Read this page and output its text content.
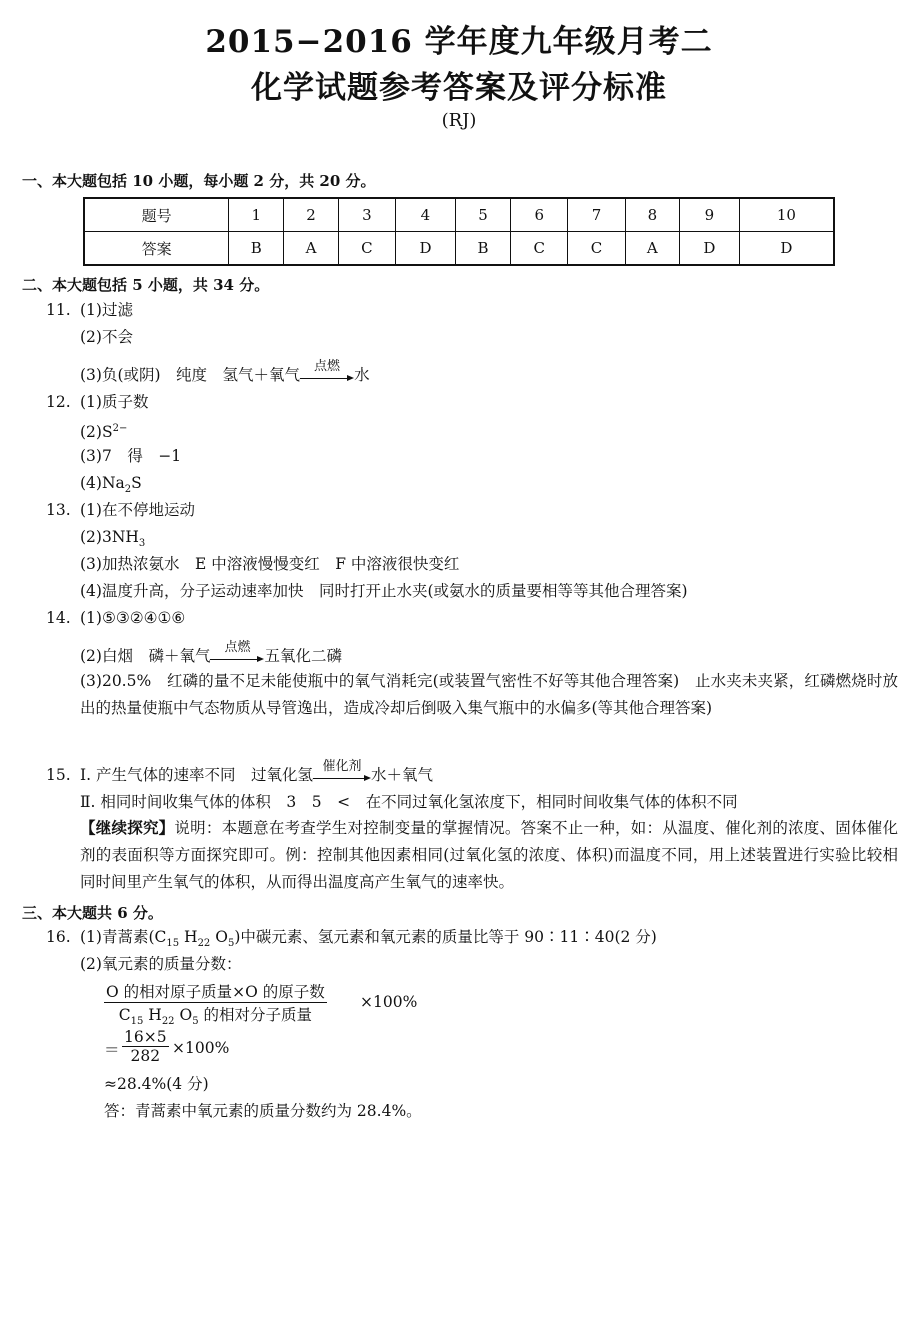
2015−2016 学年度九年级月考二
化学试题参考答案及评分标准
(RJ)
一、本大题包括 10 小题，每小题 2 分，共 20 分。
题号	1	2	3	4	5	6	7	8	9	10
答案	B	A	C	D	B	C	C	A	D	D
二、本大题包括 5 小题，共 34 分。
11. (1)过滤
(2)不会
(3)负(或阴)　纯度　氢气＋氧气	点燃 水
12. (1)质子数
$(2)S^{2-}$
(3)7　得　−1
$(4)Na_2S$
13. (1)在不停地运动
$(2)3NH_3$
(3)加热浓氨水　E 中溶液慢慢变红　F 中溶液很快变红
(4)温度升高，分子运动速率加快　同时打开止水夹(或氨水的质量要相等等其他合理答案)
14. (1)⑤③②④①⑥
(2)白烟　磷＋氧气	点燃 五氧化二磷
(3)20.5%　红磷的量不足未能使瓶中的氧气消耗完(或装置气密性不好等其他合理答案)　止水夹未夹紧，红磷燃烧时放出的热量使瓶中气态物质从导管逸出，造成冷却后倒吸入集气瓶中的水偏多(等其他合理答案)
15. Ⅰ. 产生气体的速率不同　过氧化氢 催化剂 水＋氧气
Ⅱ. 相同时间收集气体的体积　3　5　<　在不同过氧化氢浓度下，相同时间收集气体的体积不同
【继续探究】说明：本题意在考查学生对控制变量的掌握情况。答案不止一种，如：从温度、催化剂的浓度、固体催化剂的表面积等方面探究即可。例：控制其他因素相同(过氧化氢的浓度、体积)而温度不同，用上述装置进行实验比较相同时间里产生氧气的体积，从而得出温度高产生氧气的速率快。
三、本大题共 6 分。
16. (1)青蒿素($C_{15}$ $H_{22}$ $O_5$)中碳元素、氢元素和氧元素的质量比等于 90∶11∶40(2 分)
(2)氧元素的质量分数：
O 的相对原子质量×O 的原子数
$C_{15}$ $H_{22}$ $O_5$ 的相对分子质量
×100%
＝ $\frac{16\times 5}{282} \times 100\%$
≈28.4%(4 分)
答：青蒿素中氧元素的质量分数约为 28.4%。
